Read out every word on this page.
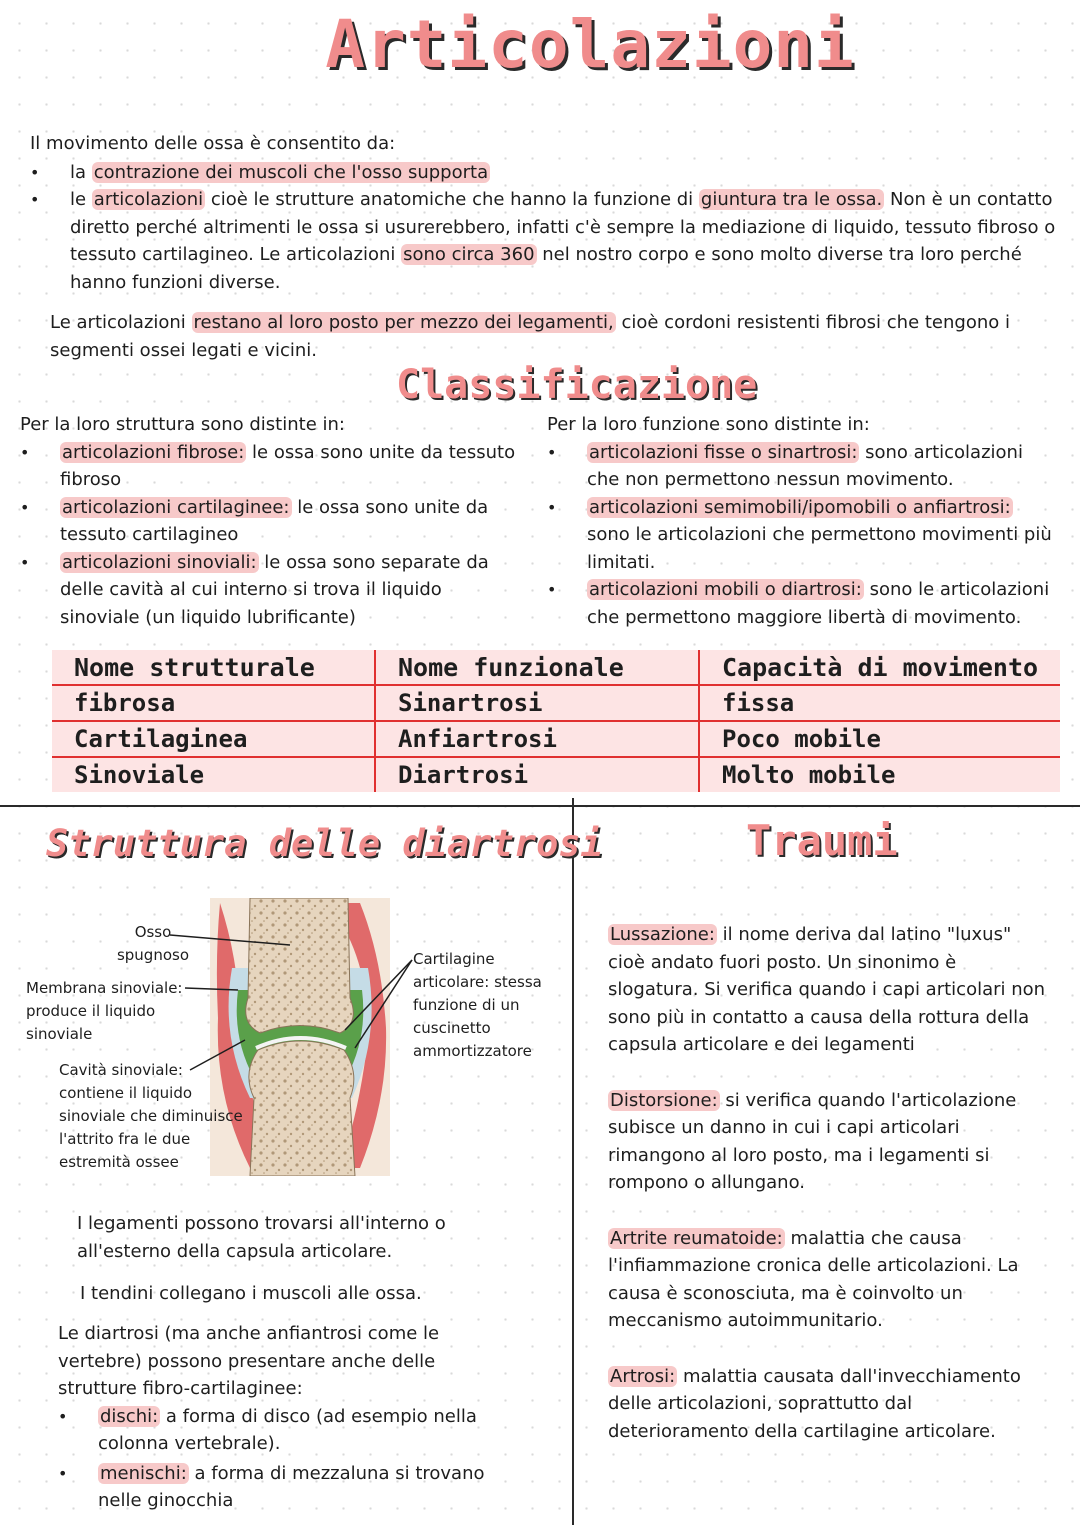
Articolazioni
Il movimento delle ossa è consentito da:
• la contrazione dei muscoli che l'osso supporta
• le articolazioni cioè le strutture anatomiche che hanno la funzione di giuntura tra le ossa. Non è un contatto diretto perché altrimenti le ossa si usurerebbero, infatti c'è sempre la mediazione di liquido, tessuto fibroso o tessuto cartilagineo. Le articolazioni sono circa 360 nel nostro corpo e sono molto diverse tra loro perché hanno funzioni diverse.
Le articolazioni restano al loro posto per mezzo dei legamenti, cioè cordoni resistenti fibrosi che tengono i segmenti ossei legati e vicini.
Classificazione
Per la loro struttura sono distinte in:
• articolazioni fibrose: le ossa sono unite da tessuto fibroso
• articolazioni cartilaginee: le ossa sono unite da tessuto cartilagineo
• articolazioni sinoviali: le ossa sono separate da delle cavità al cui interno si trova il liquido sinoviale (un liquido lubrificante)
Per la loro funzione sono distinte in:
• articolazioni fisse o sinartrosi: sono articolazioni che non permettono nessun movimento.
• articolazioni semimobili/ipomobili o anfiartrosi: sono le articolazioni che permettono movimenti più limitati.
• articolazioni mobili o diartrosi: sono le articolazioni che permettono maggiore libertà di movimento.
Nome strutturale	Nome funzionale	Capacità di movimento
fibrosa	Sinartrosi	fissa
Cartilaginea	Anfiartrosi	Poco mobile
Sinoviale	Diartrosi	Molto mobile
Struttura delle diartrosi
Osso spugnoso
Membrana sinoviale: produce il liquido sinoviale
Cavità sinoviale: contiene il liquido sinoviale che diminuisce l'attrito fra le due estremità ossee
Cartilagine articolare: stessa funzione di un cuscinetto ammortizzatore
I legamenti possono trovarsi all'interno o all'esterno della capsula articolare.
I tendini collegano i muscoli alle ossa.
Le diartrosi (ma anche anfiantrosi come le vertebre) possono presentare anche delle strutture fibro-cartilaginee:
• dischi: a forma di disco (ad esempio nella colonna vertebrale).
• menischi: a forma di mezzaluna si trovano nelle ginocchia
Traumi
Lussazione: il nome deriva dal latino "luxus" cioè andato fuori posto. Un sinonimo è slogatura. Si verifica quando i capi articolari non sono più in contatto a causa della rottura della capsula articolare e dei legamenti
Distorsione: si verifica quando l'articolazione subisce un danno in cui i capi articolari rimangono al loro posto, ma i legamenti si rompono o allungano.
Artrite reumatoide: malattia che causa l'infiammazione cronica delle articolazioni. La causa è sconosciuta, ma è coinvolto un meccanismo autoimmunitario.
Artrosi: malattia causata dall'invecchiamento delle articolazioni, soprattutto dal deterioramento della cartilagine articolare.
